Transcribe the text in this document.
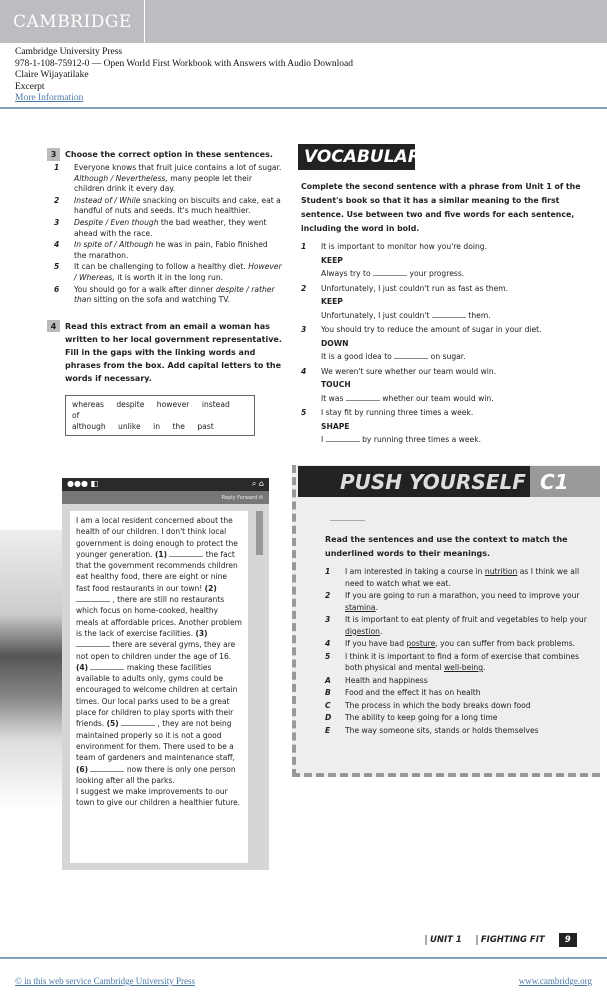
CAMBRIDGE
Cambridge University Press
978-1-108-75912-0 — Open World First Workbook with Answers with Audio Download
Claire Wijayatilake
Excerpt
More Information
3 Choose the correct option in these sentences.
1	Everyone knows that fruit juice contains a lot of sugar. Although / Nevertheless, many people let their children drink it every day.
2	Instead of / While snacking on biscuits and cake, eat a handful of nuts and seeds. It's much healthier.
3	Despite / Even though the bad weather, they went ahead with the race.
4	In spite of / Although he was in pain, Fabio finished the marathon.
5	It can be challenging to follow a healthy diet. However / Whereas, it is worth it in the long run.
6	You should go for a walk after dinner despite / rather than sitting on the sofa and watching TV.
4	Read this extract from an email a woman has written to her local government representative. Fill in the gaps with the linking words and phrases from the box. Add capital letters to the words if necessary.
whereas despite however instead of
although unlike in the past
●●● ◧	⌕ ⌂
Reply Forward ✉
I am a local resident concerned about the health of our children. I don't think local government is doing enough to protect the younger generation. (1)	the fact that the government recommends children eat healthy food, there are eight or nine fast food restaurants in our town! (2)  , there are still no restaurants which focus on home-cooked, healthy meals at affordable prices. Another problem is the lack of exercise facilities. (3)  there are several gyms, they are not open to children under the age of 16. (4)	making these facilities available to adults only, gyms could be encouraged to welcome children at certain times. Our local parks used to be a great place for children to play sports with their friends. (5)	, they are not being maintained properly so it is not a good environment for them. There used to be a team of gardeners and maintenance staff, (6)	now there is only one person looking after all the parks.
I suggest we make improvements to our town to give our children a healthier future.
VOCABULARY
Complete the second sentence with a phrase from Unit 1 of the Student's book so that it has a similar meaning to the first sentence. Use between two and five words for each sentence, including the word in bold.
1	It is important to monitor how you're doing.
KEEP
Always try to	your progress.
2	Unfortunately, I just couldn't run as fast as them.
KEEP
Unfortunately, I just couldn't	them.
3	You should try to reduce the amount of sugar in your diet.
DOWN
It is a good idea to	on sugar.
4	We weren't sure whether our team would win.
TOUCH
It was	whether our team would win.
5	I stay fit by running three times a week.
SHAPE
I	by running three times a week.
PUSH YOURSELF C1
Read the sentences and use the context to match the underlined words to their meanings.
1	I am interested in taking a course in nutrition as I think we all need to watch what we eat.
2	If you are going to run a marathon, you need to improve your stamina.
3	It is important to eat plenty of fruit and vegetables to help your digestion.
4	If you have bad posture, you can suffer from back problems.
5	I think it is important to find a form of exercise that combines both physical and mental well-being.
A	Health and happiness
B	Food and the effect it has on health
C	The process in which the body breaks down food
D	The ability to keep going for a long time
E	The way someone sits, stands or holds themselves
UNIT 1	FIGHTING FIT	9
© in this web service Cambridge University Press	www.cambridge.org
